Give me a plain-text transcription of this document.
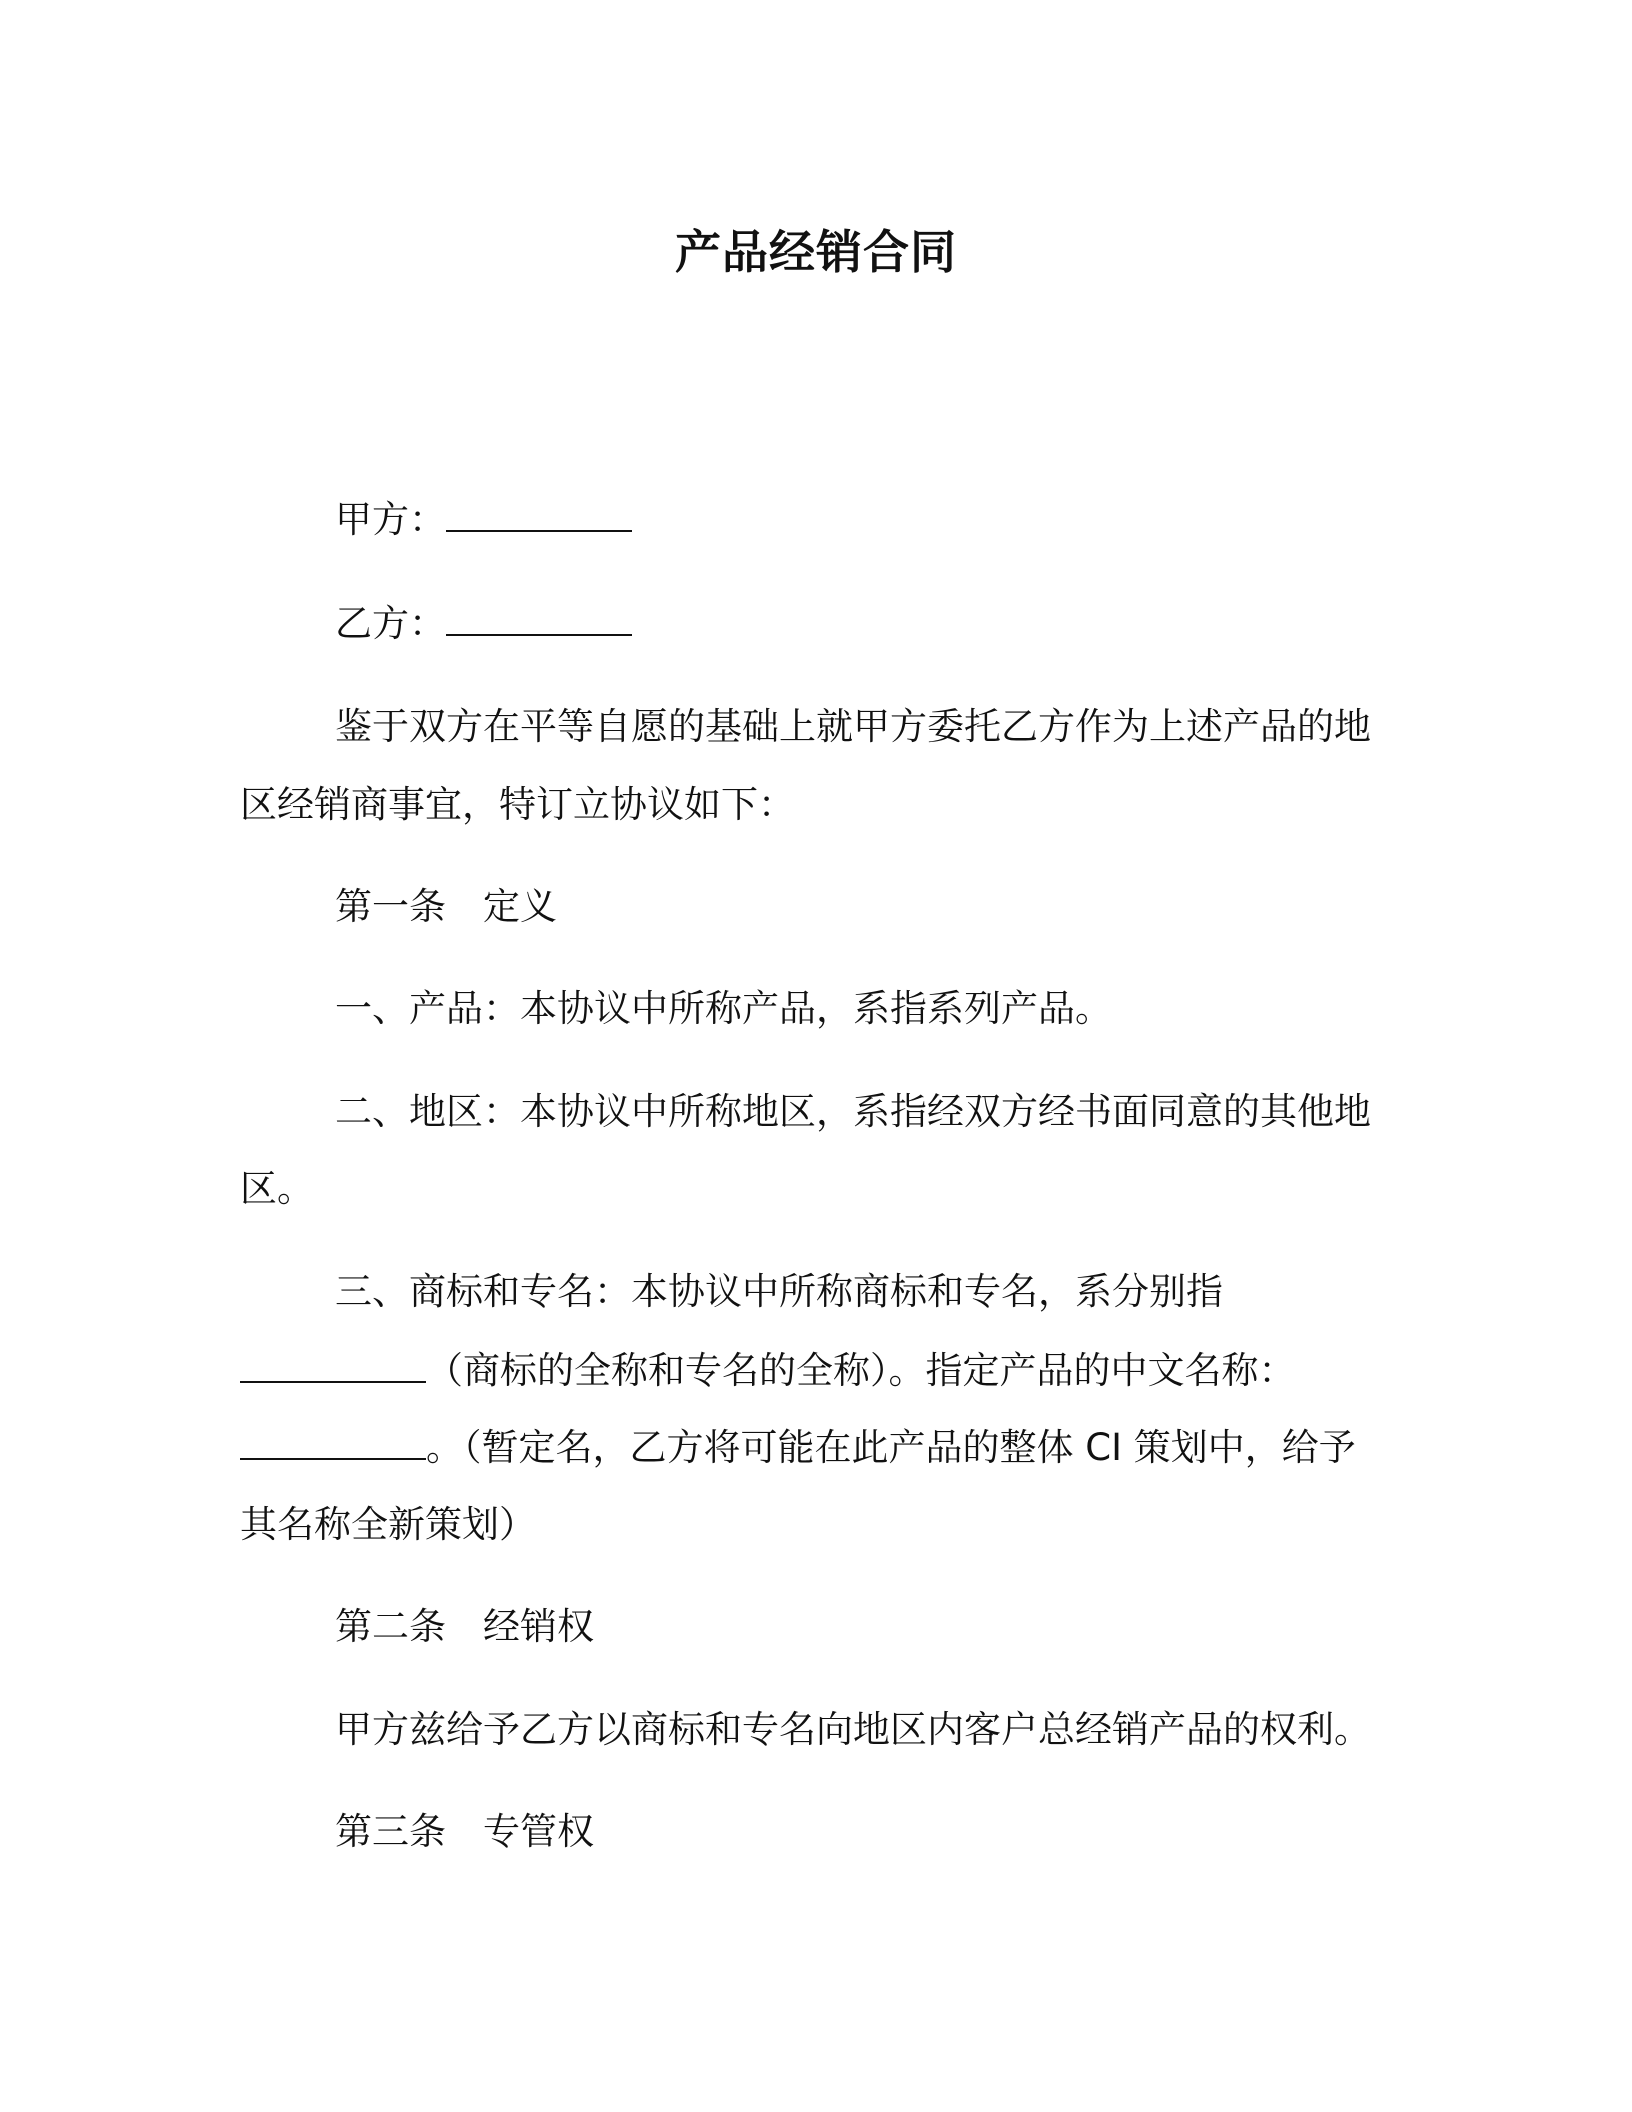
产品经销合同
甲方：
乙方：
鉴于双方在平等自愿的基础上就甲方委托乙方作为上述产品的地
区经销商事宜，特订立协议如下：
第一条　定义
一、产品：本协议中所称产品，系指系列产品。
二、地区：本协议中所称地区，系指经双方经书面同意的其他地
区。
三、商标和专名：本协议中所称商标和专名，系分别指
（商标的全称和专名的全称）。指定产品的中文名称：
。（暂定名，乙方将可能在此产品的整体 CI 策划中，给予
其名称全新策划）
第二条　经销权
甲方兹给予乙方以商标和专名向地区内客户总经销产品的权利。
第三条　专管权
